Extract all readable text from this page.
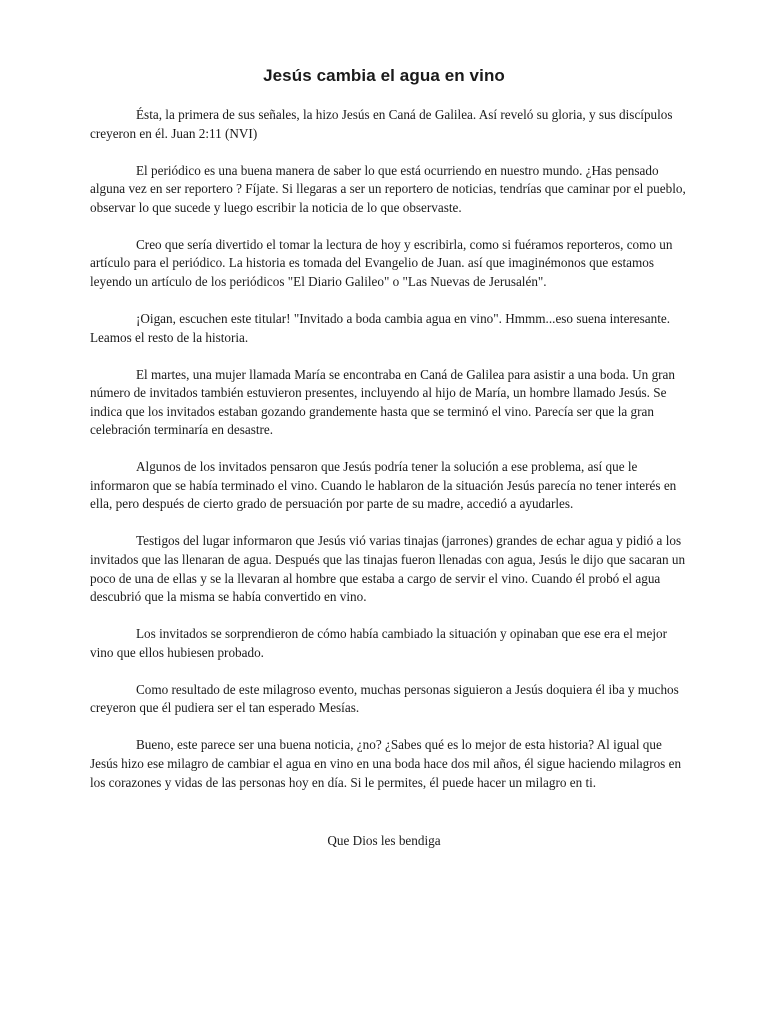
Jesús cambia el agua en vino

Ésta, la primera de sus señales, la hizo Jesús en Caná de Galilea. Así reveló su gloria, y sus discípulos creyeron en él. Juan 2:11 (NVI)

El periódico es una buena manera de saber lo que está ocurriendo en nuestro mundo. ¿Has pensado alguna vez en ser reportero ? Fíjate. Si llegaras a ser un reportero de noticias, tendrías que caminar por el pueblo, observar lo que sucede y luego escribir la noticia de lo que observaste.

Creo que sería divertido el tomar la lectura de hoy y escribirla, como si fuéramos reporteros, como un artículo para el periódico. La historia es tomada del Evangelio de Juan. así que imaginémonos que estamos leyendo un artículo de los periódicos "El Diario Galileo" o "Las Nuevas de Jerusalén".

¡Oigan, escuchen este titular! "Invitado a boda cambia agua en vino". Hmmm...eso suena interesante. Leamos el resto de la historia.

El martes, una mujer llamada María se encontraba en Caná de Galilea para asistir a una boda. Un gran número de invitados también estuvieron presentes, incluyendo al hijo de María, un hombre llamado Jesús. Se indica que los invitados estaban gozando grandemente hasta que se terminó el vino. Parecía ser que la gran celebración terminaría en desastre.

Algunos de los invitados pensaron que Jesús podría tener la solución a ese problema, así que le informaron que se había terminado el vino. Cuando le hablaron de la situación Jesús parecía no tener interés en ella, pero después de cierto grado de persuación por parte de su madre, accedió a ayudarles.

Testigos del lugar informaron que Jesús vió varias tinajas (jarrones) grandes de echar agua y pidió a los invitados que las llenaran de agua. Después que las tinajas fueron llenadas con agua, Jesús le dijo que sacaran un poco de una de ellas y se la llevaran al hombre que estaba a cargo de servir el vino. Cuando él probó el agua descubrió que la misma se había convertido en vino.

Los invitados se sorprendieron de cómo había cambiado la situación y opinaban que ese era el mejor vino que ellos hubiesen probado.

Como resultado de este milagroso evento, muchas personas siguieron a Jesús doquiera él iba y muchos creyeron que él pudiera ser el tan esperado Mesías.

Bueno, este parece ser una buena noticia, ¿no? ¿Sabes qué es lo mejor de esta historia? Al igual que Jesús hizo ese milagro de cambiar el agua en vino en una boda hace dos mil años, él sigue haciendo milagros en los corazones y vidas de las personas hoy en día. Si le permites, él puede hacer un milagro en ti.

Que Dios les bendiga
